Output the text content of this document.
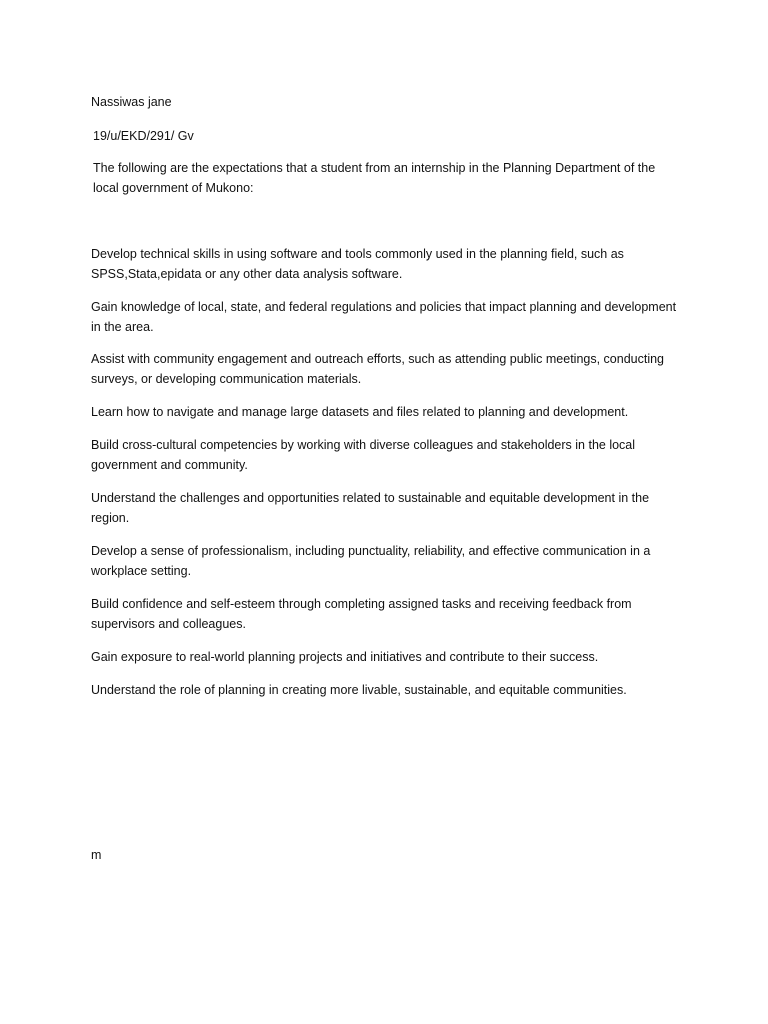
Nassiwas jane

19/u/EKD/291/ Gv

The following are the expectations that a student from an internship in the Planning Department of the local government of Mukono:

Develop technical skills in using software and tools commonly used in the planning field, such as SPSS,Stata,epidata or any other data analysis software.

Gain knowledge of local, state, and federal regulations and policies that impact planning and development in the area.

Assist with community engagement and outreach efforts, such as attending public meetings, conducting surveys, or developing communication materials.

Learn how to navigate and manage large datasets and files related to planning and development.

Build cross-cultural competencies by working with diverse colleagues and stakeholders in the local government and community.

Understand the challenges and opportunities related to sustainable and equitable development in the region.

Develop a sense of professionalism, including punctuality, reliability, and effective communication in a workplace setting.

Build confidence and self-esteem through completing assigned tasks and receiving feedback from supervisors and colleagues.

Gain exposure to real-world planning projects and initiatives and contribute to their success.

Understand the role of planning in creating more livable, sustainable, and equitable communities.

m
